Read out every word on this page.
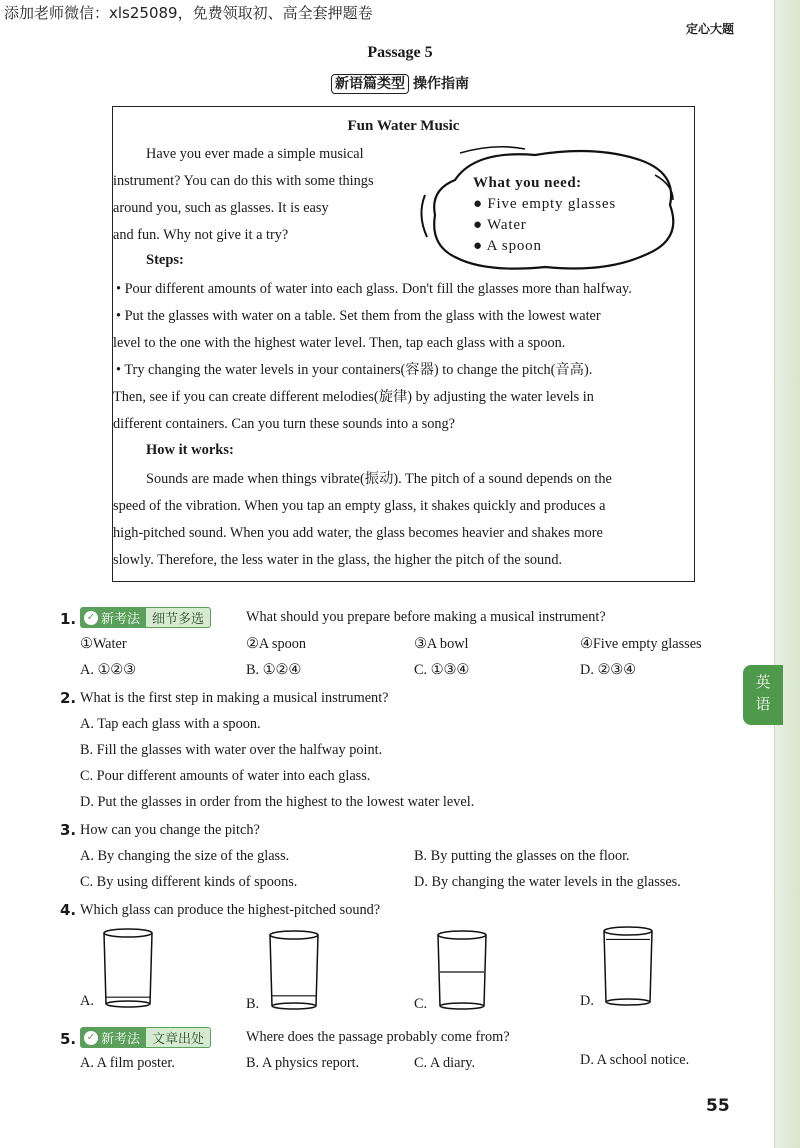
添加老师微信：xls25089，免费领取初、高全套押题卷
定心大题
Passage 5
新语篇类型 操作指南
Fun Water Music
Have you ever made a simple musical
instrument? You can do this with some things
around you, such as glasses. It is easy
and fun. Why not give it a try?
What you need:
● Five empty glasses
● Water
● A spoon
Steps:
• Pour different amounts of water into each glass. Don't fill the glasses more than halfway.
• Put the glasses with water on a table. Set them from the glass with the lowest water
level to the one with the highest water level. Then, tap each glass with a spoon.
• Try changing the water levels in your containers(容器) to change the pitch(音高).
Then, see if you can create different melodies(旋律) by adjusting the water levels in
different containers. Can you turn these sounds into a song?
How it works:
Sounds are made when things vibrate(振动). The pitch of a sound depends on the
speed of the vibration. When you tap an empty glass, it shakes quickly and produces a
high-pitched sound. When you add water, the glass becomes heavier and shakes more
slowly. Therefore, the less water in the glass, the higher the pitch of the sound.
1. ✓ 新考法 细节多选	What should you prepare before making a musical instrument?
①Water	②A spoon	③A bowl	④Five empty glasses
A. ①②③	B. ①②④	C. ①③④	D. ②③④
2. What is the first step in making a musical instrument?
A. Tap each glass with a spoon.
B. Fill the glasses with water over the halfway point.
C. Pour different amounts of water into each glass.
D. Put the glasses in order from the highest to the lowest water level.
3. How can you change the pitch?
A. By changing the size of the glass.	B. By putting the glasses on the floor.
C. By using different kinds of spoons.	D. By changing the water levels in the glasses.
4. Which glass can produce the highest-pitched sound?
A.	B.	C.	D.
5. ✓ 新考法 文章出处	Where does the passage probably come from?
A. A film poster.	B. A physics report.	C. A diary.	D. A school notice.
英
语
55
